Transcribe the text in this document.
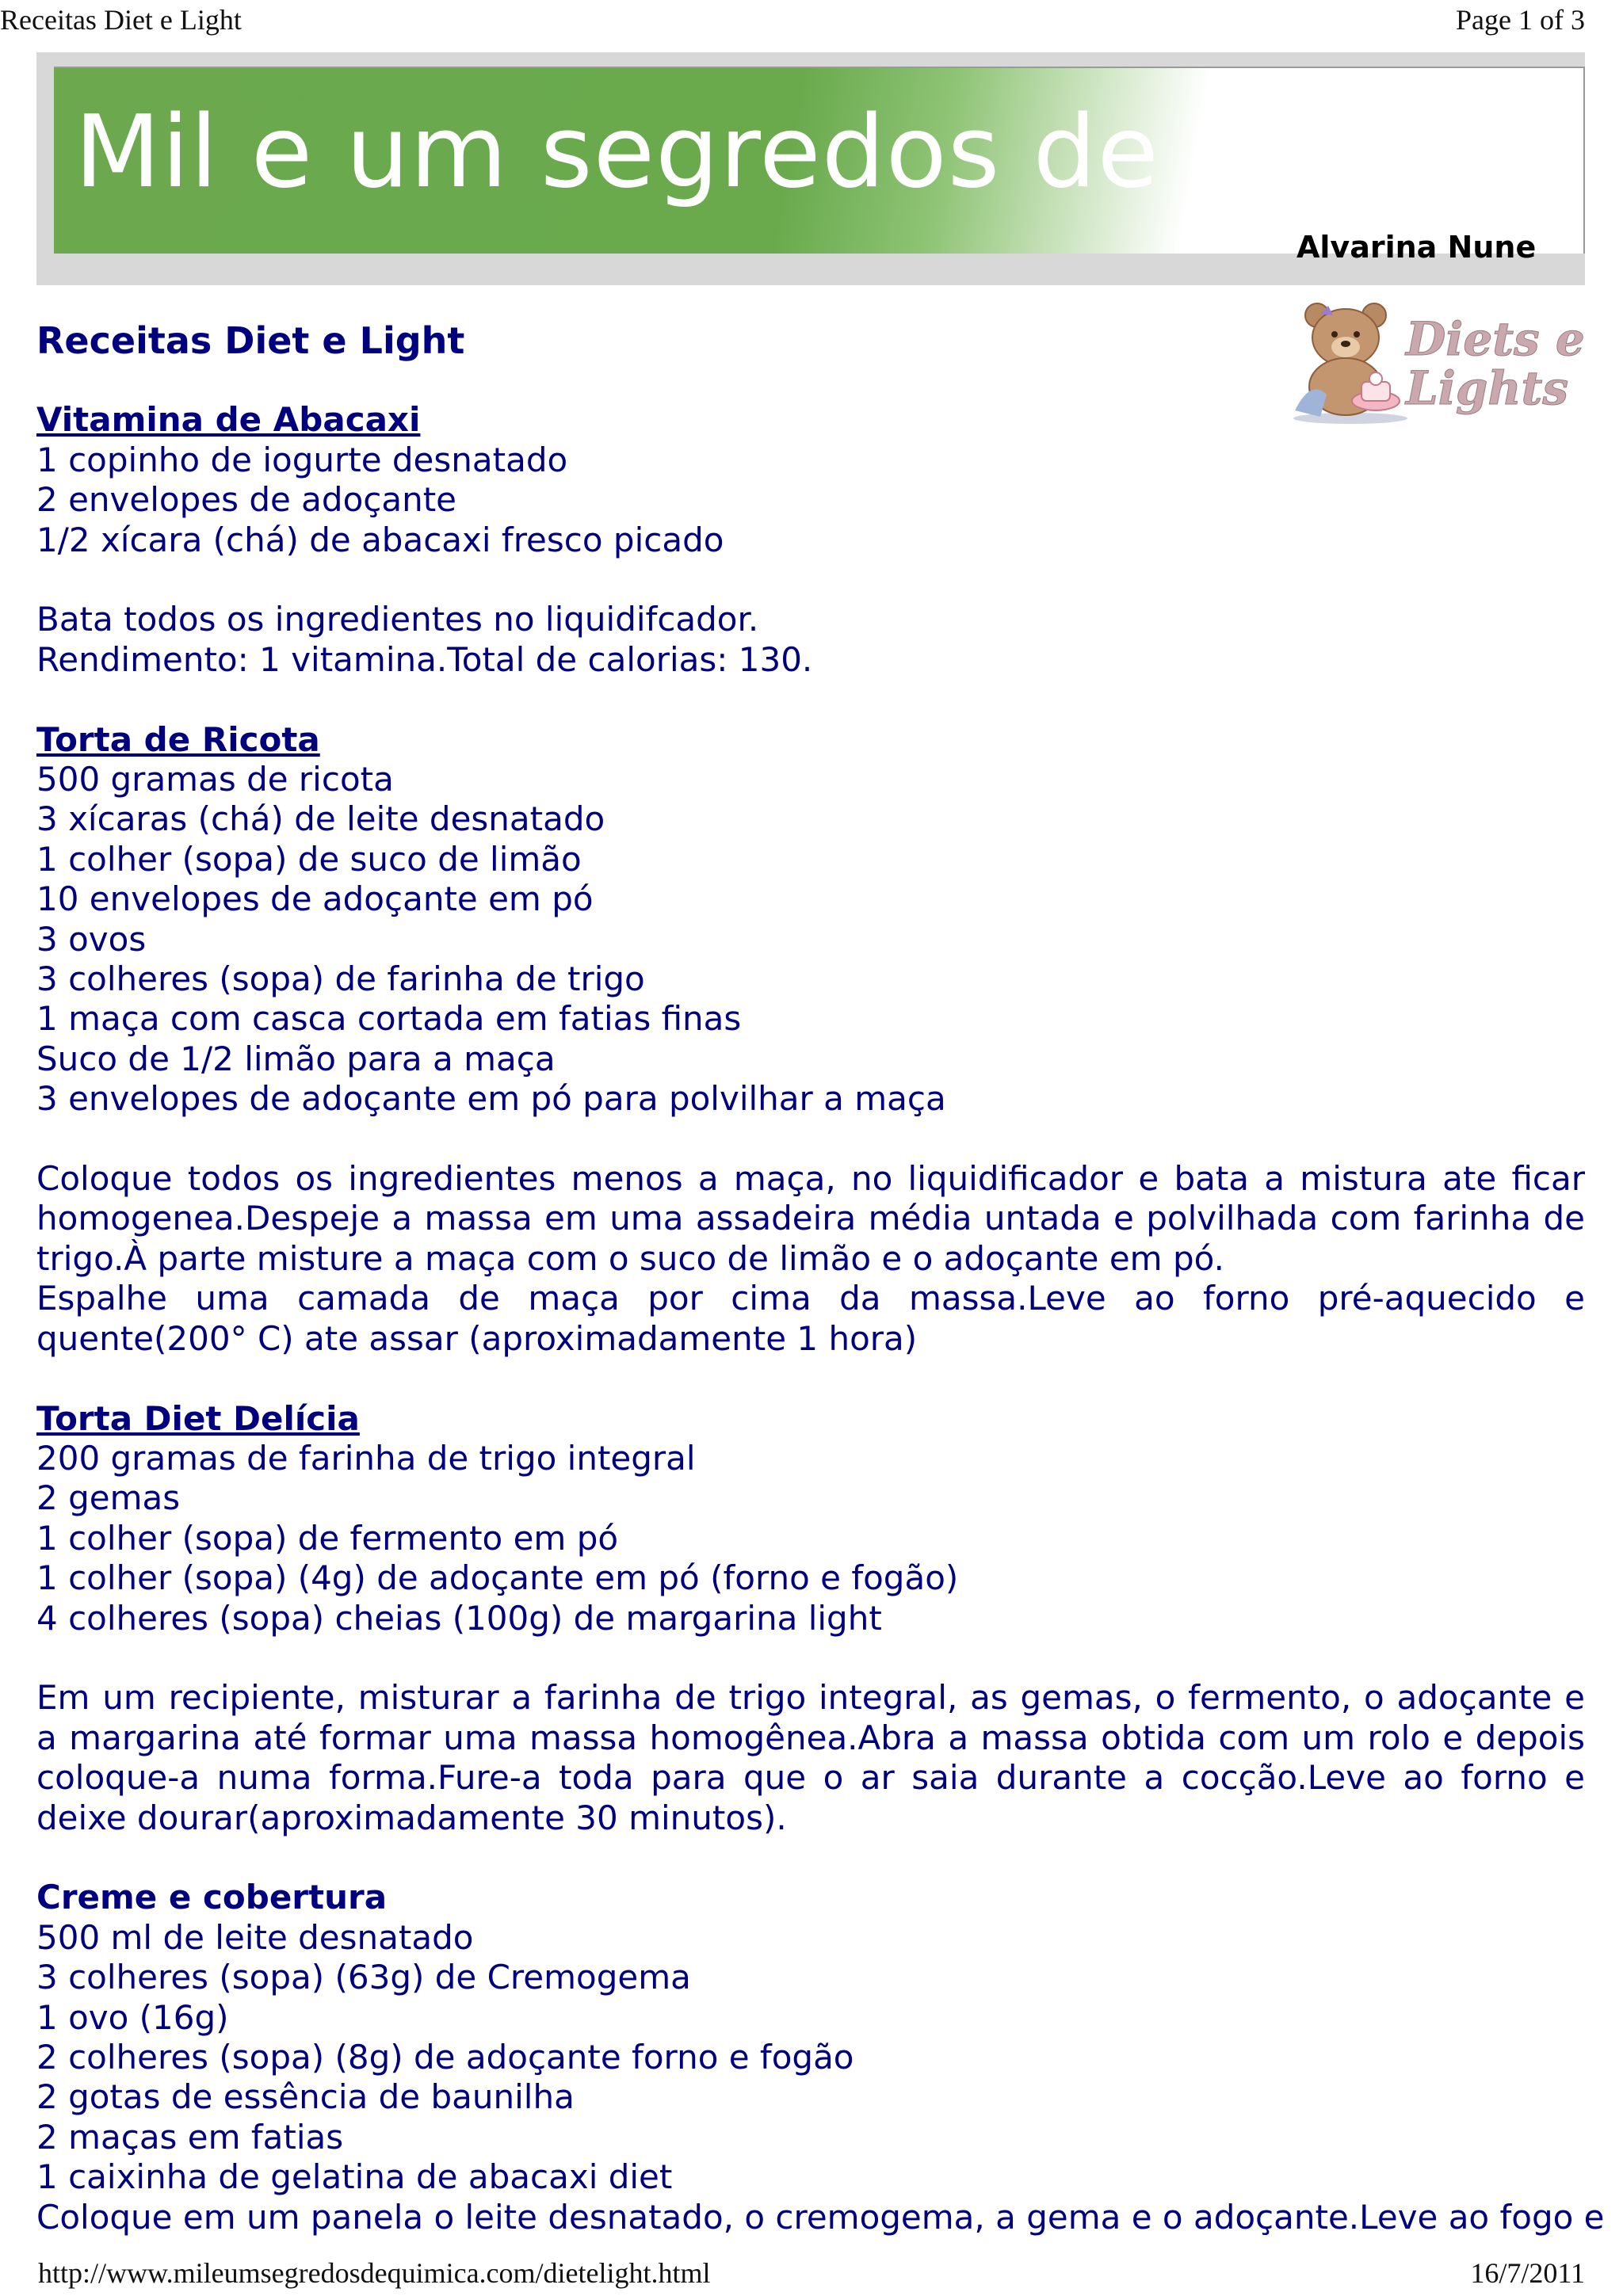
Receitas Diet e Light	Page 1 of 3
Mil e um segredos de Q
Alvarina Nune
Diets e
Lights
Receitas Diet e Light
Vitamina de Abacaxi
1 copinho de iogurte desnatado
2 envelopes de adoçante
1/2 xícara (chá) de abacaxi fresco picado
Bata todos os ingredientes no liquidifcador.
Rendimento: 1 vitamina.Total de calorias: 130.
Torta de Ricota
500 gramas de ricota
3 xícaras (chá) de leite desnatado
1 colher (sopa) de suco de limão
10 envelopes de adoçante em pó
3 ovos
3 colheres (sopa) de farinha de trigo
1 maça com casca cortada em fatias finas
Suco de 1/2 limão para a maça
3 envelopes de adoçante em pó para polvilhar a maça

Coloque todos os ingredientes menos a maça, no liquidificador e bata a mistura ate ficar homogenea.Despeje a massa em uma assadeira média untada e polvilhada com farinha de trigo.À parte misture a maça com o suco de limão e o adoçante em pó.

Espalhe uma camada de maça por cima da massa.Leve ao forno pré-aquecido e quente(200° C) ate assar (aproximadamente 1 hora)

Torta Diet Delícia
200 gramas de farinha de trigo integral
2 gemas
1 colher (sopa) de fermento em pó
1 colher (sopa) (4g) de adoçante em pó (forno e fogão)
4 colheres (sopa) cheias (100g) de margarina light

Em um recipiente, misturar a farinha de trigo integral, as gemas, o fermento, o adoçante e a margarina até formar uma massa homogênea.Abra a massa obtida com um rolo e depois coloque-a numa forma.Fure-a toda para que o ar saia durante a cocção.Leve ao forno e deixe dourar(aproximadamente 30 minutos).

Creme e cobertura
500 ml de leite desnatado
3 colheres (sopa) (63g) de Cremogema
1 ovo (16g)
2 colheres (sopa) (8g) de adoçante forno e fogão
2 gotas de essência de baunilha
2 maças em fatias
1 caixinha de gelatina de abacaxi diet
Coloque em um panela o leite desnatado, o cremogema, a gema e o adoçante.Leve ao fogo e
http://www.mileumsegredosdequimica.com/dietelight.html	16/7/2011
